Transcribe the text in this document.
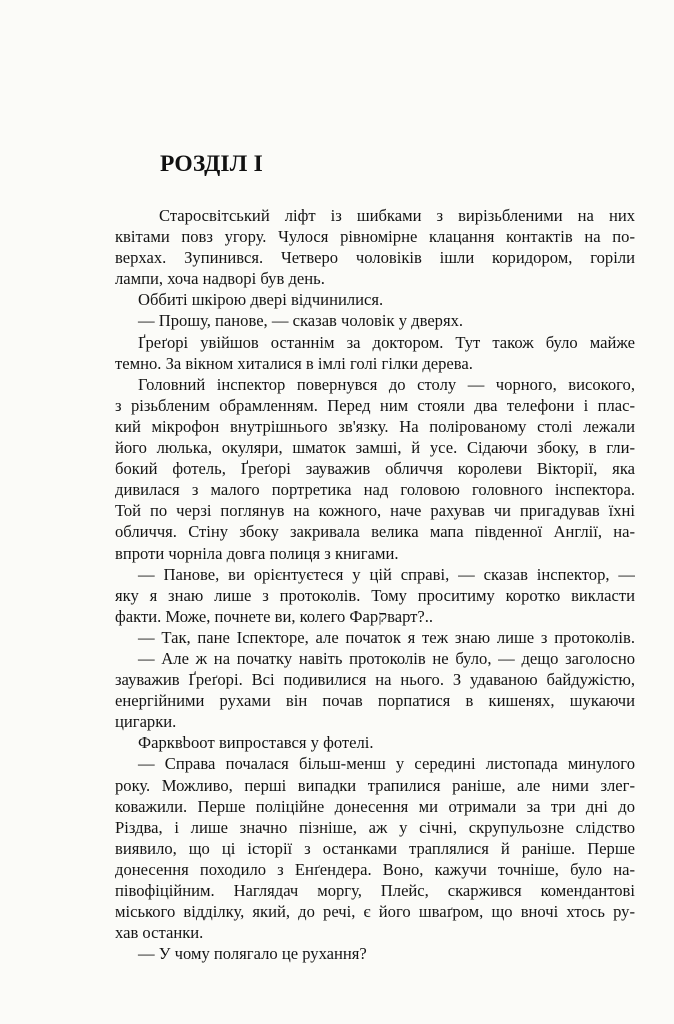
РОЗДІЛ І
Старосвітський ліфт із шибками з вирізьбленими на них
квітами повз угору. Чулося рівномірне клацання контактів на по-
верхах. Зупинився. Четверо чоловіків ішли коридором, горіли
лампи, хоча надворі був день.
Оббиті шкірою двері відчинилися.
— Прошу, панове, — сказав чоловік у дверях.
Ґреґорі увійшов останнім за доктором. Тут також було майже
темно. За вікном хиталися в імлі голі гілки дерева.
Головний інспектор повернувся до столу — чорного, високого,
з різьбленим обрамленням. Перед ним стояли два телефони і плас-
кий мікрофон внутрішнього зв'язку. На полірованому столі лежали
його люлька, окуляри, шматок замші, й усе. Сідаючи збоку, в гли-
бокий фотель, Ґреґорі зауважив обличчя королеви Вікторії, яка
дивилася з малого портретика над головою головного інспектора.
Той по черзі поглянув на кожного, наче рахував чи пригадував їхні
обличчя. Стіну збоку закривала велика мапа південної Англії, на-
впроти чорніла довга полиця з книгами.
— Панове, ви орієнтуєтеся у цій справі, — сказав інспектор, —
яку я знаю лише з протоколів. Тому проситиму коротко викласти
факти. Може, почнете ви, колего Фарקварт?..
— Так, пане Іспекторе, але початок я теж знаю лише з протоколів.
— Але ж на початку навіть протоколів не було, — дещо заголосно
зауважив Ґреґорі. Всі подивилися на нього. З удаваною байдужістю,
енергійними рухами він почав порпатися в кишенях, шукаючи
цигарки.
Фарквbooт випростався у фотелі.
— Справа почалася більш-менш у середині листопада минулого
року. Можливо, перші випадки трапилися раніше, але ними злег-
коважили. Перше поліційне донесення ми отримали за три дні до
Різдва, і лише значно пізніше, аж у січні, скрупульозне слідство
виявило, що ці історії з останками траплялися й раніше. Перше
донесення походило з Енґендера. Воно, кажучи точніше, було на-
півофіційним. Наглядач моргу, Плейс, скаржився комендантові
міського відділку, який, до речі, є його шваґром, що вночі хтось ру-
хав останки.
— У чому полягало це рухання?
